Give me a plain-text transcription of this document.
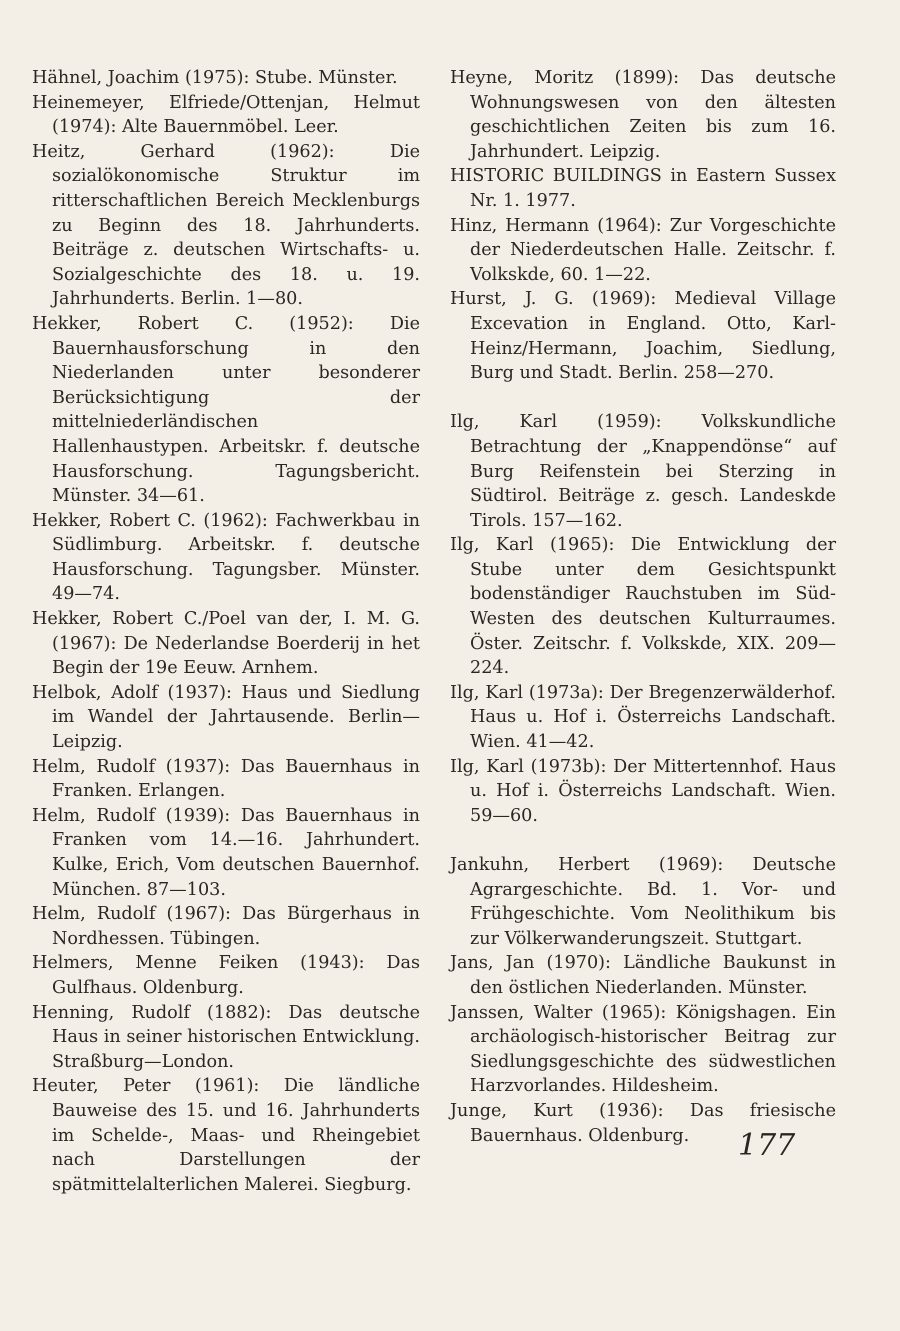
Hähnel, Joachim (1975): Stube. Münster.

Heinemeyer, Elfriede/Ottenjan, Helmut (1974): Alte Bauernmöbel. Leer.

Heitz, Gerhard (1962): Die sozialökonomische Struktur im ritterschaftlichen Bereich Mecklenburgs zu Beginn des 18. Jahrhunderts. Beiträge z. deutschen Wirtschafts- u. Sozialgeschichte des 18. u. 19. Jahrhunderts. Berlin. 1—80.

Hekker, Robert C. (1952): Die Bauernhausforschung in den Niederlanden unter besonderer Berücksichtigung der mittelniederländischen Hallenhaustypen. Arbeitskr. f. deutsche Hausforschung. Tagungsbericht. Münster. 34—61.

Hekker, Robert C. (1962): Fachwerkbau in Südlimburg. Arbeitskr. f. deutsche Hausforschung. Tagungsber. Münster. 49—74.

Hekker, Robert C./Poel van der, I. M. G. (1967): De Nederlandse Boerderij in het Begin der 19e Eeuw. Arnhem.

Helbok, Adolf (1937): Haus und Siedlung im Wandel der Jahrtausende. Berlin—Leipzig.

Helm, Rudolf (1937): Das Bauernhaus in Franken. Erlangen.

Helm, Rudolf (1939): Das Bauernhaus in Franken vom 14.—16. Jahrhundert. Kulke, Erich, Vom deutschen Bauernhof. München. 87—103.

Helm, Rudolf (1967): Das Bürgerhaus in Nordhessen. Tübingen.

Helmers, Menne Feiken (1943): Das Gulfhaus. Oldenburg.

Henning, Rudolf (1882): Das deutsche Haus in seiner historischen Entwicklung. Straßburg—London.

Heuter, Peter (1961): Die ländliche Bauweise des 15. und 16. Jahrhunderts im Schelde-, Maas- und Rheingebiet nach Darstellungen der spätmittelalterlichen Malerei. Siegburg.

Heyne, Moritz (1899): Das deutsche Wohnungswesen von den ältesten geschichtlichen Zeiten bis zum 16. Jahrhundert. Leipzig.

HISTORIC BUILDINGS in Eastern Sussex Nr. 1. 1977.

Hinz, Hermann (1964): Zur Vorgeschichte der Niederdeutschen Halle. Zeitschr. f. Volkskde, 60. 1—22.

Hurst, J. G. (1969): Medieval Village Excevation in England. Otto, Karl-Heinz/Hermann, Joachim, Siedlung, Burg und Stadt. Berlin. 258—270.

Ilg, Karl (1959): Volkskundliche Betrachtung der „Knappendönse“ auf Burg Reifenstein bei Sterzing in Südtirol. Beiträge z. gesch. Landeskde Tirols. 157—162.

Ilg, Karl (1965): Die Entwicklung der Stube unter dem Gesichtspunkt bodenständiger Rauchstuben im Süd-Westen des deutschen Kulturraumes. Öster. Zeitschr. f. Volkskde, XIX. 209—224.

Ilg, Karl (1973a): Der Bregenzerwälderhof. Haus u. Hof i. Österreichs Landschaft. Wien. 41—42.

Ilg, Karl (1973b): Der Mittertennhof. Haus u. Hof i. Österreichs Landschaft. Wien. 59—60.

Jankuhn, Herbert (1969): Deutsche Agrargeschichte. Bd. 1. Vor- und Frühgeschichte. Vom Neolithikum bis zur Völkerwanderungszeit. Stuttgart.

Jans, Jan (1970): Ländliche Baukunst in den östlichen Niederlanden. Münster.

Janssen, Walter (1965): Königshagen. Ein archäologisch-historischer Beitrag zur Siedlungsgeschichte des südwestlichen Harzvorlandes. Hildesheim.

Junge, Kurt (1936): Das friesische Bauernhaus. Oldenburg.	177
